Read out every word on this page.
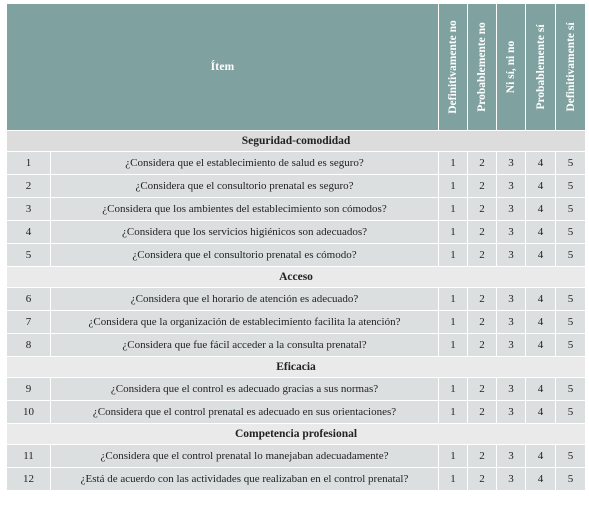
Ítem		Definitivamente no	Probablemente no	Ni sí, ni no	Probablemente sí	Definitivamente sí

Seguridad-comodidad						
1	¿Considera que el establecimiento de salud es seguro?	1	2	3	4	5
2	¿Considera que el consultorio prenatal es seguro?	1	2	3	4	5
3	¿Considera que los ambientes del establecimiento son cómodos?	1	2	3	4	5
4	¿Considera que los servicios higiénicos son adecuados?	1	2	3	4	5
5	¿Considera que el consultorio prenatal es cómodo?	1	2	3	4	5
Acceso						
6	¿Considera que el horario de atención es adecuado?	1	2	3	4	5
7	¿Considera que la organización de establecimiento facilita la atención?	1	2	3	4	5
8	¿Considera que fue fácil acceder a la consulta prenatal?	1	2	3	4	5
Eficacia						
9	¿Considera que el control es adecuado gracias a sus normas?	1	2	3	4	5
10	¿Considera que el control prenatal es adecuado en sus orientaciones?	1	2	3	4	5
Competencia profesional						
11	¿Considera que el control prenatal lo manejaban adecuadamente?	1	2	3	4	5
12	¿Está de acuerdo con las actividades que realizaban en el control prenatal?	1	2	3	4	5
